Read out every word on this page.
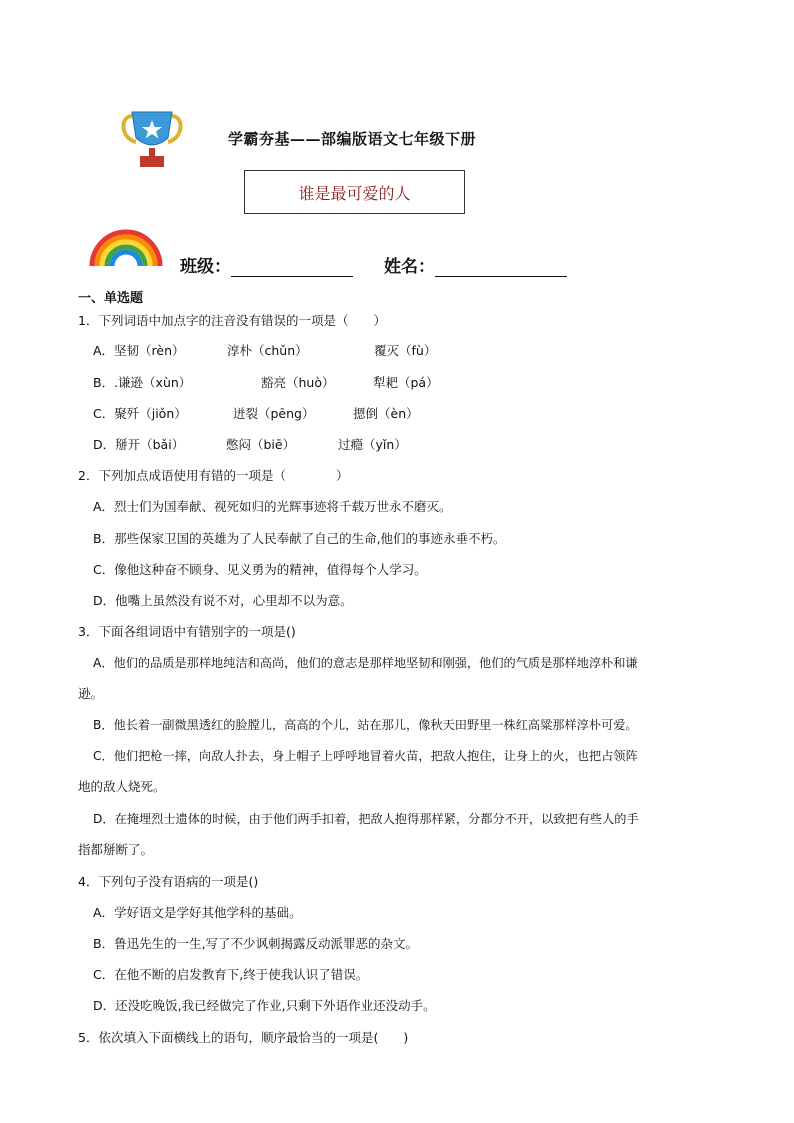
学霸夯基——部编版语文七年级下册
谁是最可爱的人
班级：	姓名：
一、单选题
1．下列词语中加点字的注音没有错误的一项是（　　）
A．坚韧（rèn）	淳朴（chǔn）	覆灭（fù）
B．.谦逊（xùn）	豁亮（huò）	犁耙（pá）
C．聚歼（jiǒn）	迸裂（pēng）	摁倒（èn）
D．掰开（bǎi）	憋闷（biē）	过瘾（yǐn）
2．下列加点成语使用有错的一项是（　　　　）
A．烈士们为国奉献、视死如归的光辉事迹将千载万世永不磨灭。
B．那些保家卫国的英雄为了人民奉献了自己的生命,他们的事迹永垂不朽。
C．像他这种奋不顾身、见义勇为的精神，值得每个人学习。
D．他嘴上虽然没有说不对，心里却不以为意。
3．下面各组词语中有错别字的一项是()
A．他们的品质是那样地纯洁和高尚，他们的意志是那样地坚韧和刚强，他们的气质是那样地淳朴和谦
逊。
B．他长着一副微黑透红的脸膛儿，高高的个儿，站在那儿，像秋天田野里一株红高粱那样淳朴可爱。
C．他们把枪一摔，向敌人扑去，身上帽子上呼呼地冒着火苗，把敌人抱住，让身上的火，也把占领阵
地的敌人烧死。
D．在掩埋烈士遗体的时候，由于他们两手扣着，把敌人抱得那样紧，分都分不开，以致把有些人的手
指都掰断了。
4．下列句子没有语病的一项是()
A．学好语文是学好其他学科的基础。
B．鲁迅先生的一生,写了不少讽刺揭露反动派罪恶的杂文。
C．在他不断的启发教育下,终于使我认识了错误。
D．还没吃晚饭,我已经做完了作业,只剩下外语作业还没动手。
5．依次填入下面横线上的语句，顺序最恰当的一项是(　　)
